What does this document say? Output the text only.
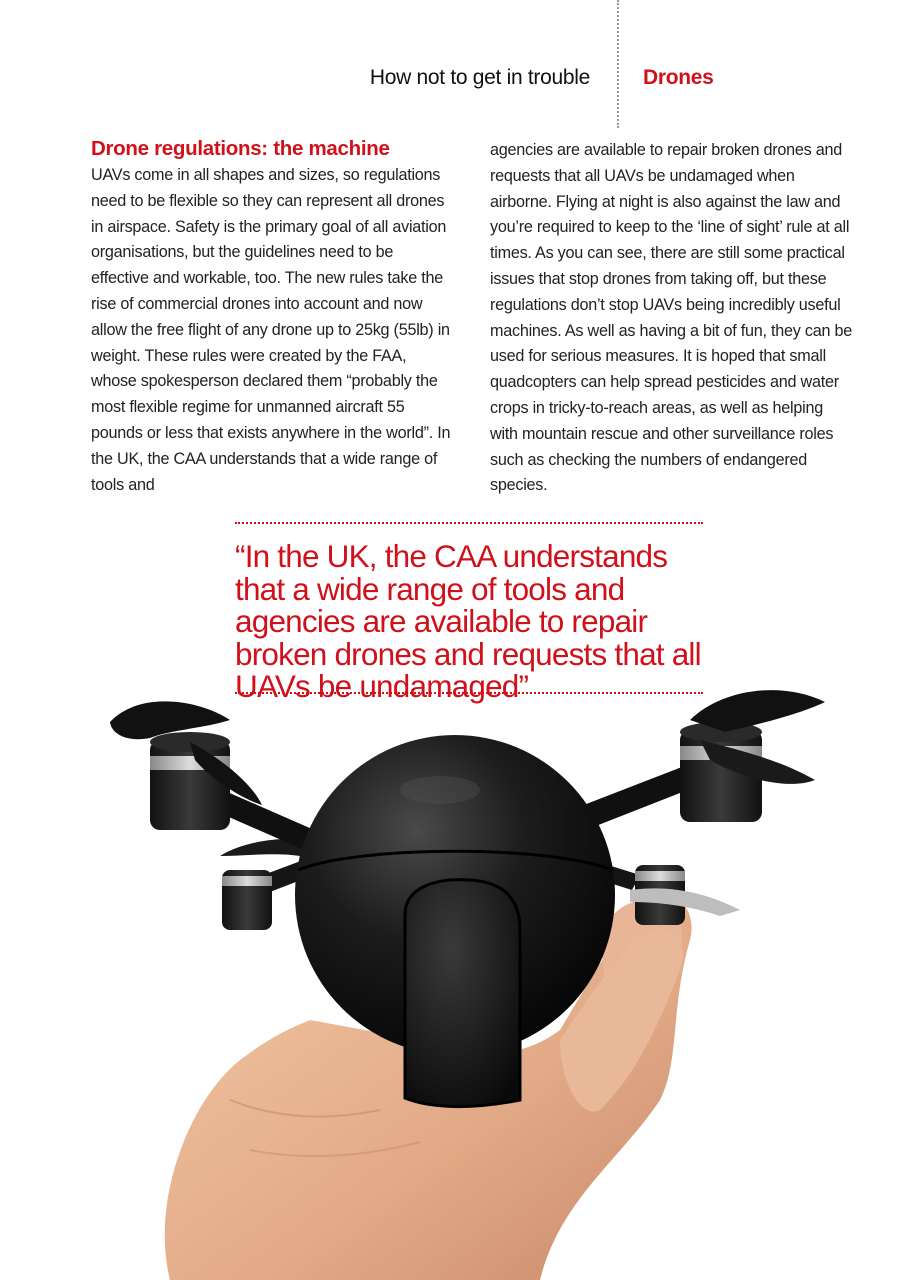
How not to get in trouble	Drones
Drone regulations: the machine

UAVs come in all shapes and sizes, so regulations need to be flexible so they can represent all drones in airspace. Safety is the primary goal of all aviation organisations, but the guidelines need to be effective and workable, too. The new rules take the rise of commercial drones into account and now allow the free flight of any drone up to 25kg (55lb) in weight. These rules were created by the FAA, whose spokesperson declared them “probably the most flexible regime for unmanned aircraft 55 pounds or less that exists anywhere in the world”. In the UK, the CAA understands that a wide range of tools and

agencies are available to repair broken drones and requests that all UAVs be undamaged when airborne. Flying at night is also against the law and you’re required to keep to the ‘line of sight’ rule at all times. As you can see, there are still some practical issues that stop drones from taking off, but these regulations don’t stop UAVs being incredibly useful machines. As well as having a bit of fun, they can be used for serious measures. It is hoped that small quadcopters can help spread pesticides and water crops in tricky-to-reach areas, as well as helping with mountain rescue and other surveillance roles such as checking the numbers of endangered species.

“In the UK, the CAA understands that a wide range of tools and agencies are available to repair broken drones and requests that all UAVs be undamaged”
